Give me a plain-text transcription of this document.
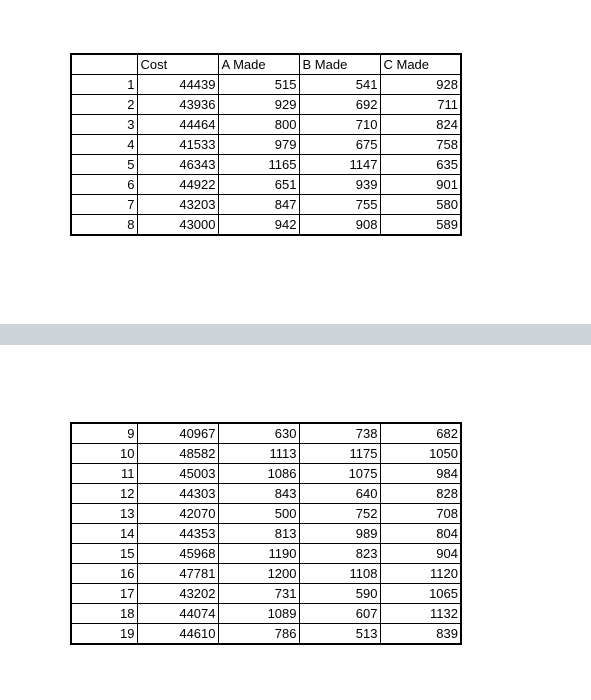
	Cost	A Made	B Made	C Made
1	44439	515	541	928
2	43936	929	692	711
3	44464	800	710	824
4	41533	979	675	758
5	46343	1165	1147	635
6	44922	651	939	901
7	43203	847	755	580
8	43000	942	908	589
9	40967	630	738	682
10	48582	1113	1175	1050
11	45003	1086	1075	984
12	44303	843	640	828
13	42070	500	752	708
14	44353	813	989	804
15	45968	1190	823	904
16	47781	1200	1108	1120
17	43202	731	590	1065
18	44074	1089	607	1132
19	44610	786	513	839
